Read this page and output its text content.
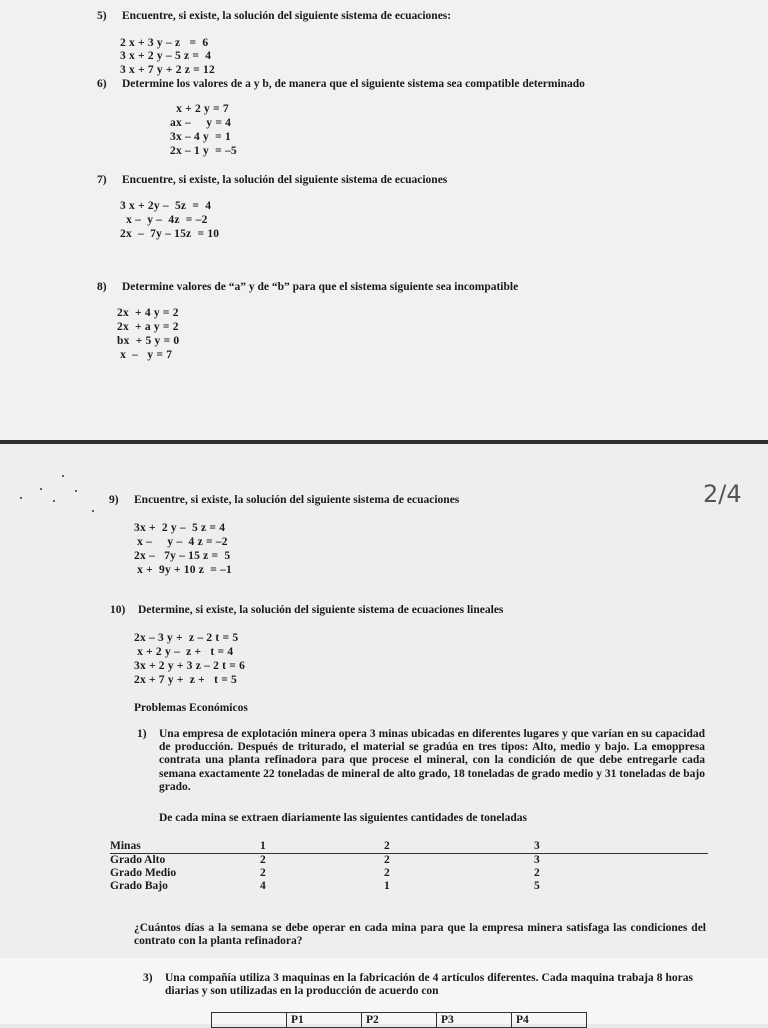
5) Encuentre, si existe, la solución del siguiente sistema de ecuaciones:
2 x + 3 y – z   =  6
3 x + 2 y – 5 z =  4
3 x + 7 y + 2 z = 12
6) Determine los valores de a y b, de manera que el siguiente sistema sea compatible determinado
x + 2 y = 7
ax –     y = 4
3x – 4 y  = 1
2x – 1 y  = –5
7) Encuentre, si existe, la solución del siguiente sistema de ecuaciones
3 x + 2y –  5z  =  4
x –  y –  4z  = –2
2x  –  7y – 15z  = 10
8) Determine valores de “a” y de “b” para que el sistema siguiente sea incompatible
2x  + 4 y = 2
2x  + a y = 2
bx  + 5 y = 0
x  –   y = 7
2/4
9) Encuentre, si existe, la solución del siguiente sistema de ecuaciones
3x +  2 y –  5 z = 4
x –     y –  4 z = –2
2x –   7y – 15 z =  5
x +  9y + 10 z  = –1
10) Determine, si existe, la solución del siguiente sistema de ecuaciones lineales
2x – 3 y +  z – 2 t = 5
x + 2 y –  z +   t = 4
3x + 2 y + 3 z – 2 t = 6
2x + 7 y +  z +   t = 5
Problemas Económicos
1) Una empresa de explotación minera opera 3 minas ubicadas en diferentes lugares y que varían en su capacidad de producción. Después de triturado, el material se gradúa en tres tipos: Alto, medio y bajo. La emoppresa contrata una planta refinadora para que procese el mineral, con la condición de que debe entregarle cada semana exactamente 22 toneladas de mineral de alto grado, 18 toneladas de grado medio y 31 toneladas de bajo grado.
De cada mina se extraen diariamente las siguientes cantidades de toneladas
Minas	1	2	3
Grado Alto	2	2	3
Grado Medio	2	2	2
Grado Bajo	4	1	5
¿Cuántos días a la semana se debe operar en cada mina para que la empresa minera satisfaga las condiciones del contrato con la planta refinadora?
3) Una compañía utiliza 3 maquinas en la fabricación de 4 artículos diferentes. Cada maquina trabaja 8 horas diarias y son utilizadas en la producción de acuerdo con
	P1	P2	P3	P4
